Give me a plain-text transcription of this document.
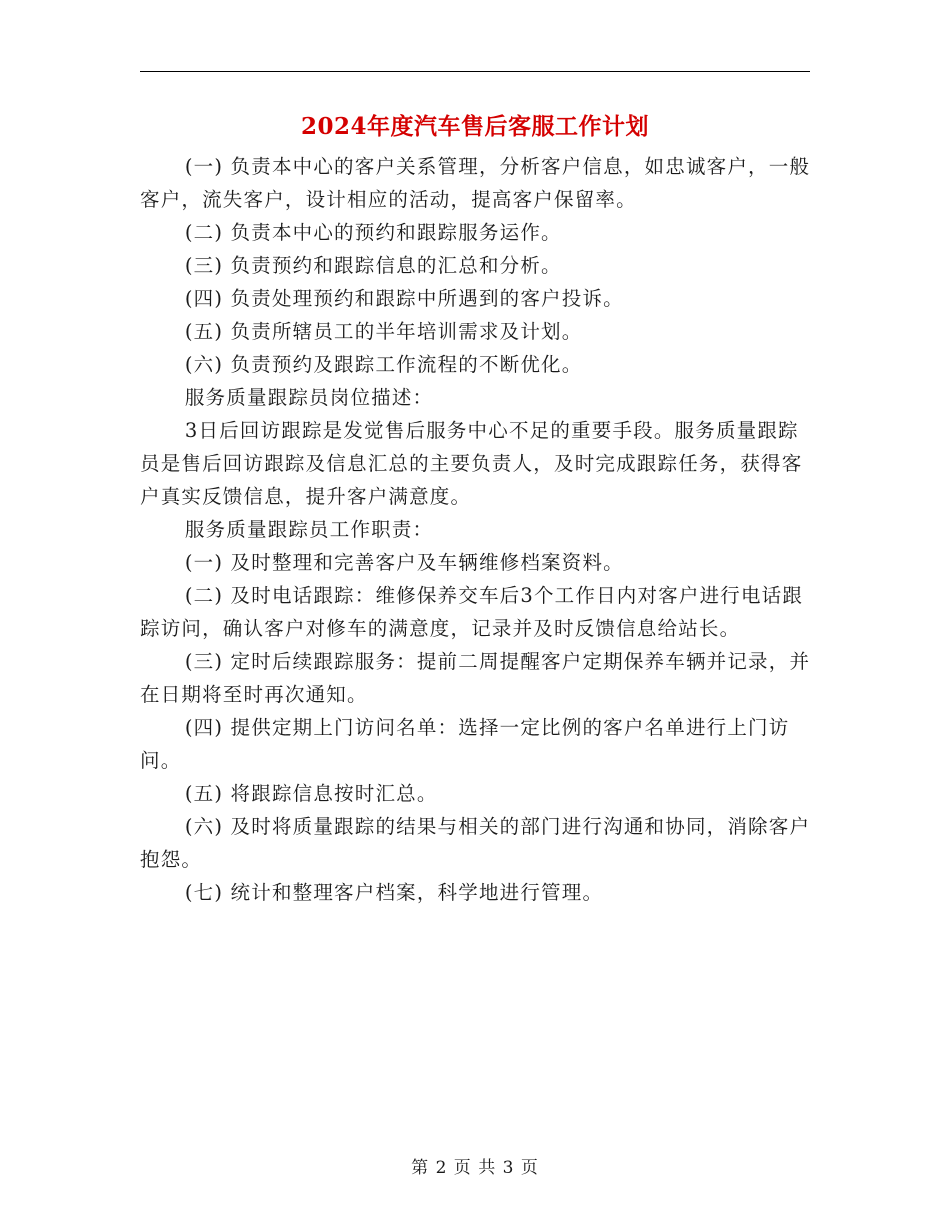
2024年度汽车售后客服工作计划

(一) 负责本中心的客户关系管理，分析客户信息，如忠诚客户，一般客户，流失客户，设计相应的活动，提高客户保留率。

(二) 负责本中心的预约和跟踪服务运作。

(三) 负责预约和跟踪信息的汇总和分析。

(四) 负责处理预约和跟踪中所遇到的客户投诉。

(五) 负责所辖员工的半年培训需求及计划。

(六) 负责预约及跟踪工作流程的不断优化。

服务质量跟踪员岗位描述：

3日后回访跟踪是发觉售后服务中心不足的重要手段。服务质量跟踪员是售后回访跟踪及信息汇总的主要负责人，及时完成跟踪任务，获得客户真实反馈信息，提升客户满意度。

服务质量跟踪员工作职责：

(一) 及时整理和完善客户及车辆维修档案资料。

(二) 及时电话跟踪：维修保养交车后3个工作日内对客户进行电话跟踪访问，确认客户对修车的满意度，记录并及时反馈信息给站长。

(三) 定时后续跟踪服务：提前二周提醒客户定期保养车辆并记录，并在日期将至时再次通知。

(四) 提供定期上门访问名单：选择一定比例的客户名单进行上门访问。

(五) 将跟踪信息按时汇总。

(六) 及时将质量跟踪的结果与相关的部门进行沟通和协同，消除客户抱怨。

(七) 统计和整理客户档案，科学地进行管理。

第 2 页 共 3 页
